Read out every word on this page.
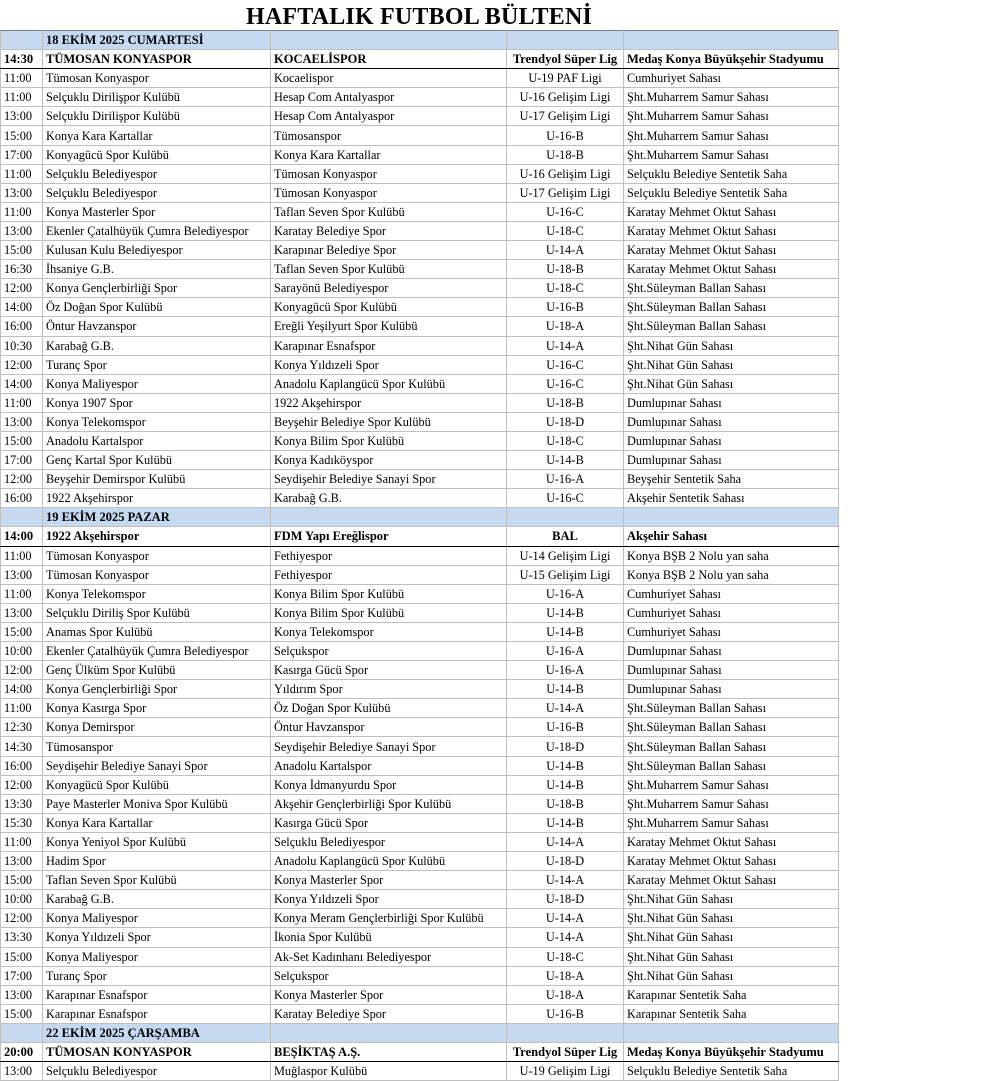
HAFTALIK FUTBOL BÜLTENİ
	18 EKİM 2025 CUMARTESİ			
14:30	TÜMOSAN KONYASPOR	KOCAELİSPOR	Trendyol Süper Lig	Medaş Konya Büyükşehir Stadyumu
11:00	Tümosan Konyaspor	Kocaelispor	U-19 PAF Ligi	Cumhuriyet Sahası
11:00	Selçuklu Dirilişpor Kulübü	Hesap Com Antalyaspor	U-16 Gelişim Ligi	Şht.Muharrem Samur Sahası
13:00	Selçuklu Dirilişpor Kulübü	Hesap Com Antalyaspor	U-17 Gelişim Ligi	Şht.Muharrem Samur Sahası
15:00	Konya Kara Kartallar	Tümosanspor	U-16-B	Şht.Muharrem Samur Sahası
17:00	Konyagücü Spor Kulübü	Konya Kara Kartallar	U-18-B	Şht.Muharrem Samur Sahası
11:00	Selçuklu Belediyespor	Tümosan Konyaspor	U-16 Gelişim Ligi	Selçuklu Belediye Sentetik Saha
13:00	Selçuklu Belediyespor	Tümosan Konyaspor	U-17 Gelişim Ligi	Selçuklu Belediye Sentetik Saha
11:00	Konya Masterler Spor	Taflan Seven Spor Kulübü	U-16-C	Karatay Mehmet Oktut Sahası
13:00	Ekenler Çatalhüyük Çumra Belediyespor	Karatay Belediye Spor	U-18-C	Karatay Mehmet Oktut Sahası
15:00	Kulusan Kulu Belediyespor	Karapınar Belediye Spor	U-14-A	Karatay Mehmet Oktut Sahası
16:30	İhsaniye G.B.	Taflan Seven Spor Kulübü	U-18-B	Karatay Mehmet Oktut Sahası
12:00	Konya Gençlerbirliği Spor	Sarayönü Belediyespor	U-18-C	Şht.Süleyman Ballan Sahası
14:00	Öz Doğan Spor Kulübü	Konyagücü Spor Kulübü	U-16-B	Şht.Süleyman Ballan Sahası
16:00	Öntur Havzanspor	Ereğli Yeşilyurt Spor Kulübü	U-18-A	Şht.Süleyman Ballan Sahası
10:30	Karabağ G.B.	Karapınar Esnafspor	U-14-A	Şht.Nihat Gün Sahası
12:00	Turanç Spor	Konya Yıldızeli Spor	U-16-C	Şht.Nihat Gün Sahası
14:00	Konya Maliyespor	Anadolu Kaplangücü Spor Kulübü	U-16-C	Şht.Nihat Gün Sahası
11:00	Konya 1907 Spor	1922 Akşehirspor	U-18-B	Dumlupınar Sahası
13:00	Konya Telekomspor	Beyşehir Belediye Spor Kulübü	U-18-D	Dumlupınar Sahası
15:00	Anadolu Kartalspor	Konya Bilim Spor Kulübü	U-18-C	Dumlupınar Sahası
17:00	Genç Kartal Spor Kulübü	Konya Kadıköyspor	U-14-B	Dumlupınar Sahası
12:00	Beyşehir Demirspor Kulübü	Seydişehir Belediye Sanayi Spor	U-16-A	Beyşehir Sentetik Saha
16:00	1922 Akşehirspor	Karabağ G.B.	U-16-C	Akşehir Sentetik Sahası
	19 EKİM 2025 PAZAR			
14:00	1922 Akşehirspor	FDM Yapı Ereğlispor	BAL	Akşehir Sahası
11:00	Tümosan Konyaspor	Fethiyespor	U-14 Gelişim Ligi	Konya BŞB 2 Nolu yan saha
13:00	Tümosan Konyaspor	Fethiyespor	U-15 Gelişim Ligi	Konya BŞB 2 Nolu yan saha
11:00	Konya Telekomspor	Konya Bilim Spor Kulübü	U-16-A	Cumhuriyet Sahası
13:00	Selçuklu Diriliş Spor Kulübü	Konya Bilim Spor Kulübü	U-14-B	Cumhuriyet Sahası
15:00	Anamas Spor Kulübü	Konya Telekomspor	U-14-B	Cumhuriyet Sahası
10:00	Ekenler Çatalhüyük Çumra Belediyespor	Selçukspor	U-16-A	Dumlupınar Sahası
12:00	Genç Ülküm Spor Kulübü	Kasırga Gücü Spor	U-16-A	Dumlupınar Sahası
14:00	Konya Gençlerbirliği Spor	Yıldırım Spor	U-14-B	Dumlupınar Sahası
11:00	Konya Kasırga Spor	Öz Doğan Spor Kulübü	U-14-A	Şht.Süleyman Ballan Sahası
12:30	Konya Demirspor	Öntur Havzanspor	U-16-B	Şht.Süleyman Ballan Sahası
14:30	Tümosanspor	Seydişehir Belediye Sanayi Spor	U-18-D	Şht.Süleyman Ballan Sahası
16:00	Seydişehir Belediye Sanayi Spor	Anadolu Kartalspor	U-14-B	Şht.Süleyman Ballan Sahası
12:00	Konyagücü Spor Kulübü	Konya İdmanyurdu Spor	U-14-B	Şht.Muharrem Samur Sahası
13:30	Paye Masterler Moniva Spor Kulübü	Akşehir Gençlerbirliği Spor Kulübü	U-18-B	Şht.Muharrem Samur Sahası
15:30	Konya Kara Kartallar	Kasırga Gücü Spor	U-14-B	Şht.Muharrem Samur Sahası
11:00	Konya Yeniyol Spor Kulübü	Selçuklu Belediyespor	U-14-A	Karatay Mehmet Oktut Sahası
13:00	Hadim Spor	Anadolu Kaplangücü Spor Kulübü	U-18-D	Karatay Mehmet Oktut Sahası
15:00	Taflan Seven Spor Kulübü	Konya Masterler Spor	U-14-A	Karatay Mehmet Oktut Sahası
10:00	Karabağ G.B.	Konya Yıldızeli Spor	U-18-D	Şht.Nihat Gün Sahası
12:00	Konya Maliyespor	Konya Meram Gençlerbirliği Spor Kulübü	U-14-A	Şht.Nihat Gün Sahası
13:30	Konya Yıldızeli Spor	İkonia Spor Kulübü	U-14-A	Şht.Nihat Gün Sahası
15:00	Konya Maliyespor	Ak-Set Kadınhanı Belediyespor	U-18-C	Şht.Nihat Gün Sahası
17:00	Turanç Spor	Selçukspor	U-18-A	Şht.Nihat Gün Sahası
13:00	Karapınar Esnafspor	Konya Masterler Spor	U-18-A	Karapınar Sentetik Saha
15:00	Karapınar Esnafspor	Karatay Belediye Spor	U-16-B	Karapınar Sentetik Saha
	22 EKİM 2025 ÇARŞAMBA			
20:00	TÜMOSAN KONYASPOR	BEŞİKTAŞ A.Ş.	Trendyol Süper Lig	Medaş Konya Büyükşehir Stadyumu
13:00	Selçuklu Belediyespor	Muğlaspor Kulübü	U-19 Gelişim Ligi	Selçuklu Belediye Sentetik Saha
